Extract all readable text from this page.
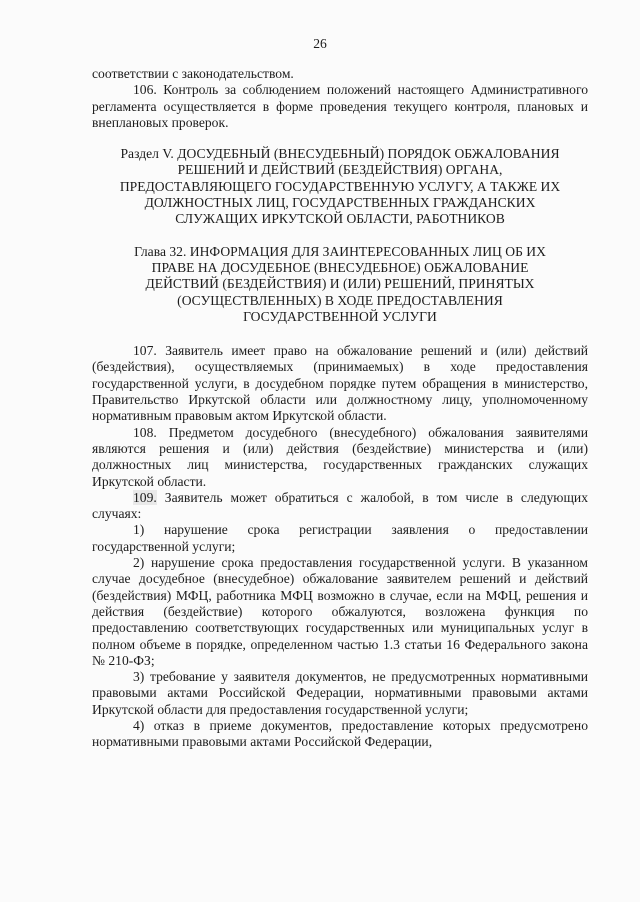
26

соответствии с законодательством.

106. Контроль за соблюдением положений настоящего Административного регламента осуществляется в форме проведения текущего контроля, плановых и внеплановых проверок.

Раздел V. ДОСУДЕБНЫЙ (ВНЕСУДЕБНЫЙ) ПОРЯДОК ОБЖАЛОВАНИЯ
РЕШЕНИЙ И ДЕЙСТВИЙ (БЕЗДЕЙСТВИЯ) ОРГАНА,
ПРЕДОСТАВЛЯЮЩЕГО ГОСУДАРСТВЕННУЮ УСЛУГУ, А ТАКЖЕ ИХ
ДОЛЖНОСТНЫХ ЛИЦ, ГОСУДАРСТВЕННЫХ ГРАЖДАНСКИХ
СЛУЖАЩИХ ИРКУТСКОЙ ОБЛАСТИ, РАБОТНИКОВ
Глава 32. ИНФОРМАЦИЯ ДЛЯ ЗАИНТЕРЕСОВАННЫХ ЛИЦ ОБ ИХ
ПРАВЕ НА ДОСУДЕБНОЕ (ВНЕСУДЕБНОЕ) ОБЖАЛОВАНИЕ
ДЕЙСТВИЙ (БЕЗДЕЙСТВИЯ) И (ИЛИ) РЕШЕНИЙ, ПРИНЯТЫХ
(ОСУЩЕСТВЛЕННЫХ) В ХОДЕ ПРЕДОСТАВЛЕНИЯ
ГОСУДАРСТВЕННОЙ УСЛУГИ

107. Заявитель имеет право на обжалование решений и (или) действий (бездействия), осуществляемых (принимаемых) в ходе предоставления государственной услуги, в досудебном порядке путем обращения в министерство, Правительство Иркутской области или должностному лицу, уполномоченному нормативным правовым актом Иркутской области.

108. Предметом досудебного (внесудебного) обжалования заявителями являются решения и (или) действия (бездействие) министерства и (или) должностных лиц министерства, государственных гражданских служащих Иркутской области.

109. Заявитель может обратиться с жалобой, в том числе в следующих случаях:

1) нарушение срока регистрации заявления о предоставлении государственной услуги;

2) нарушение срока предоставления государственной услуги. В указанном случае досудебное (внесудебное) обжалование заявителем решений и действий (бездействия) МФЦ, работника МФЦ возможно в случае, если на МФЦ, решения и действия (бездействие) которого обжалуются, возложена функция по предоставлению соответствующих государственных или муниципальных услуг в полном объеме в порядке, определенном частью 1.3 статьи 16 Федерального закона № 210-ФЗ;

3) требование у заявителя документов, не предусмотренных нормативными правовыми актами Российской Федерации, нормативными правовыми актами Иркутской области для предоставления государственной услуги;

4) отказ в приеме документов, предоставление которых предусмотрено нормативными правовыми актами Российской Федерации,
